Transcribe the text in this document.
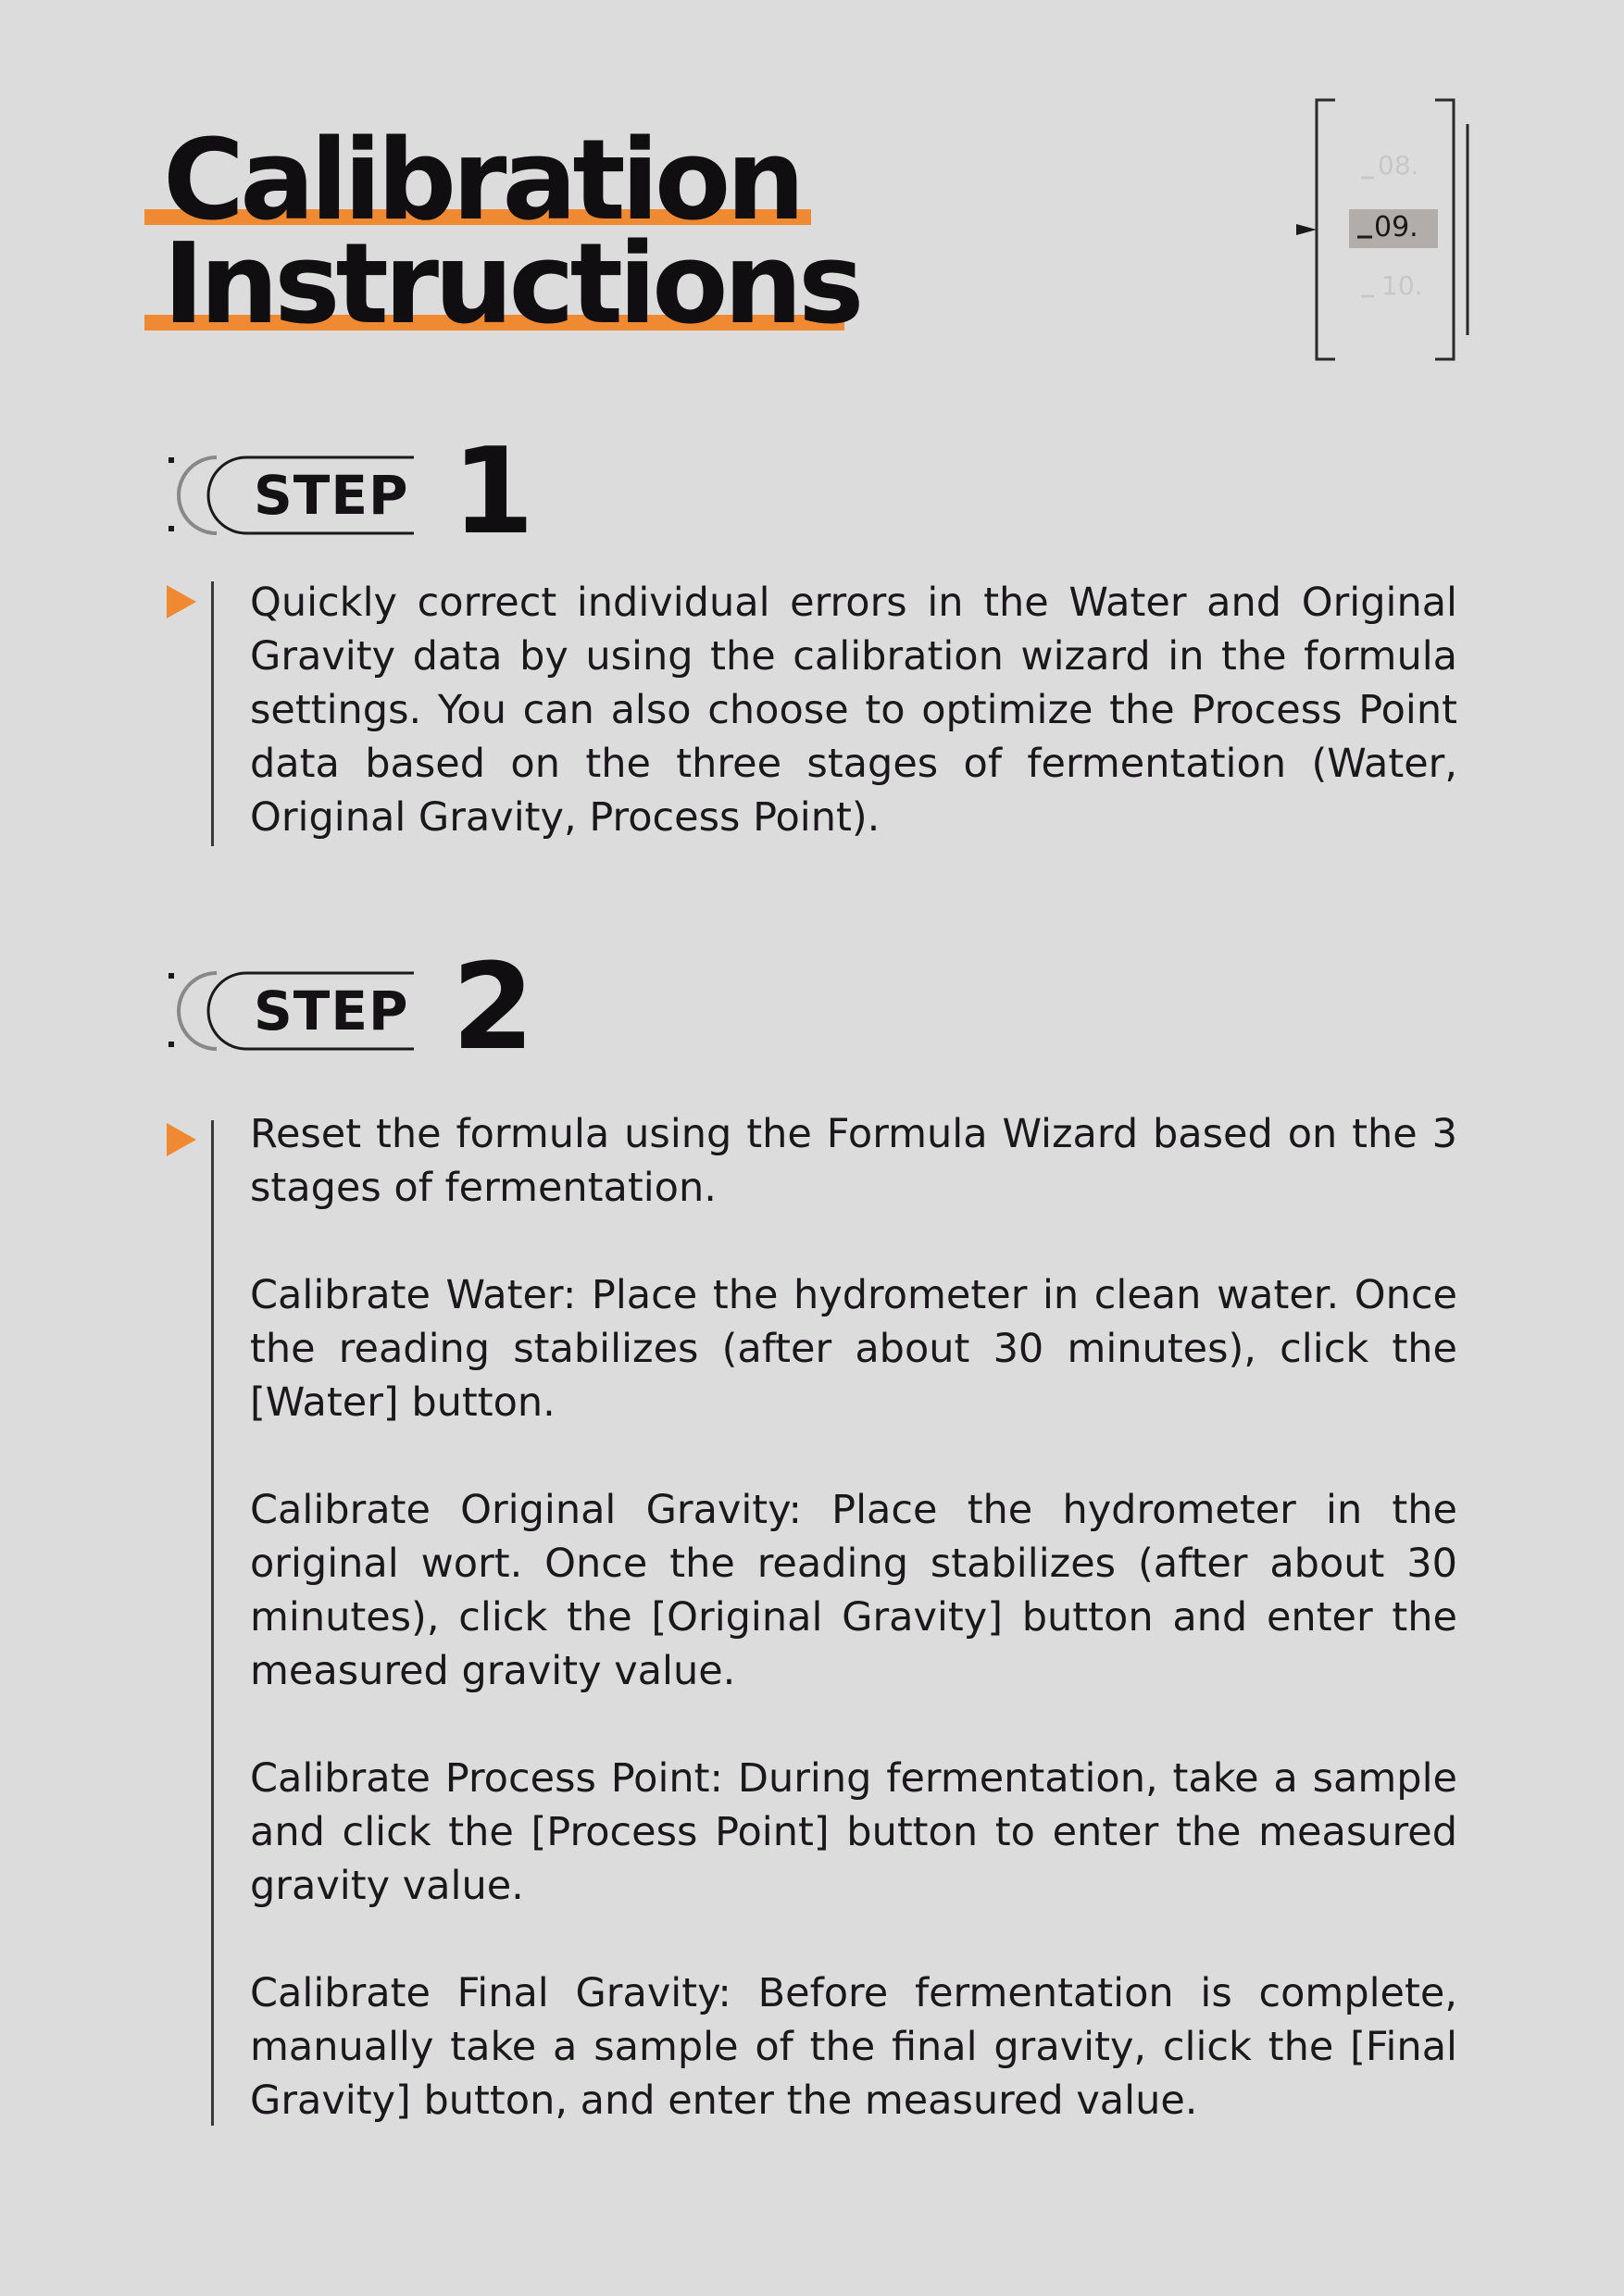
Calibration
Instructions
08.
09.
10.
STEP 1

Quickly correct individual errors in the Water and Original Gravity data by using the calibration wizard in the formula settings. You can also choose to optimize the Process Point data based on the three stages of fermentation (Water, Original Gravity, Process Point).

STEP 2

Reset the formula using the Formula Wizard based on the 3 stages of fermentation.

Calibrate Water: Place the hydrometer in clean water. Once the reading stabilizes (after about 30 minutes), click the [Water] button.

Calibrate Original Gravity: Place the hydrometer in the original wort. Once the reading stabilizes (after about 30 minutes), click the [Original Gravity] button and enter the measured gravity value.

Calibrate Process Point: During fermentation, take a sample and click the [Process Point] button to enter the measured gravity value.

Calibrate Final Gravity: Before fermentation is complete, manually take a sample of the final gravity, click the [Final Gravity] button, and enter the measured value.
